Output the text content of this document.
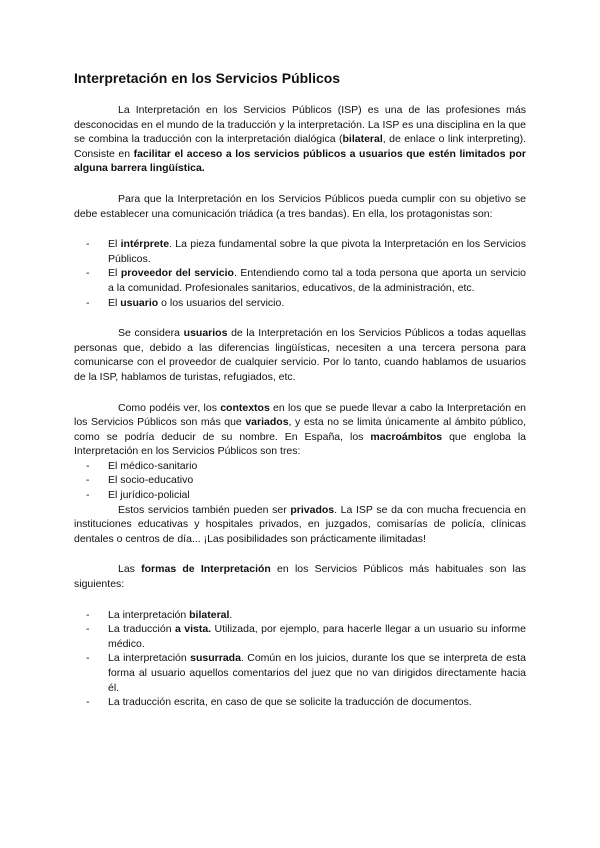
Interpretación en los Servicios Públicos

La Interpretación en los Servicios Públicos (ISP) es una de las profesiones más desconocidas en el mundo de la traducción y la interpretación. La ISP es una disciplina en la que se combina la traducción con la interpretación dialógica (bilateral, de enlace o link interpreting). Consiste en facilitar el acceso a los servicios públicos a usuarios que estén limitados por alguna barrera lingüística.

Para que la Interpretación en los Servicios Públicos pueda cumplir con su objetivo se debe establecer una comunicación triádica (a tres bandas). En ella, los protagonistas son:

- El intérprete. La pieza fundamental sobre la que pivota la Interpretación en los Servicios Públicos.
- El proveedor del servicio. Entendiendo como tal a toda persona que aporta un servicio a la comunidad. Profesionales sanitarios, educativos, de la administración, etc.
- El usuario o los usuarios del servicio.

Se considera usuarios de la Interpretación en los Servicios Públicos a todas aquellas personas que, debido a las diferencias lingüísticas, necesiten a una tercera persona para comunicarse con el proveedor de cualquier servicio. Por lo tanto, cuando hablamos de usuarios de la ISP, hablamos de turistas, refugiados, etc.

Como podéis ver, los contextos en los que se puede llevar a cabo la Interpretación en los Servicios Públicos son más que variados, y esta no se limita únicamente al ámbito público, como se podría deducir de su nombre. En España, los macroámbitos que engloba la Interpretación en los Servicios Públicos son tres:

- El médico-sanitario
- El socio-educativo
- El jurídico-policial

Estos servicios también pueden ser privados. La ISP se da con mucha frecuencia en instituciones educativas y hospitales privados, en juzgados, comisarías de policía, clínicas dentales o centros de día... ¡Las posibilidades son prácticamente ilimitadas!

Las formas de Interpretación en los Servicios Públicos más habituales son las siguientes:

- La interpretación bilateral.
- La traducción a vista. Utilizada, por ejemplo, para hacerle llegar a un usuario su informe médico.
- La interpretación susurrada. Común en los juicios, durante los que se interpreta de esta forma al usuario aquellos comentarios del juez que no van dirigidos directamente hacia él.
- La traducción escrita, en caso de que se solicite la traducción de documentos.
